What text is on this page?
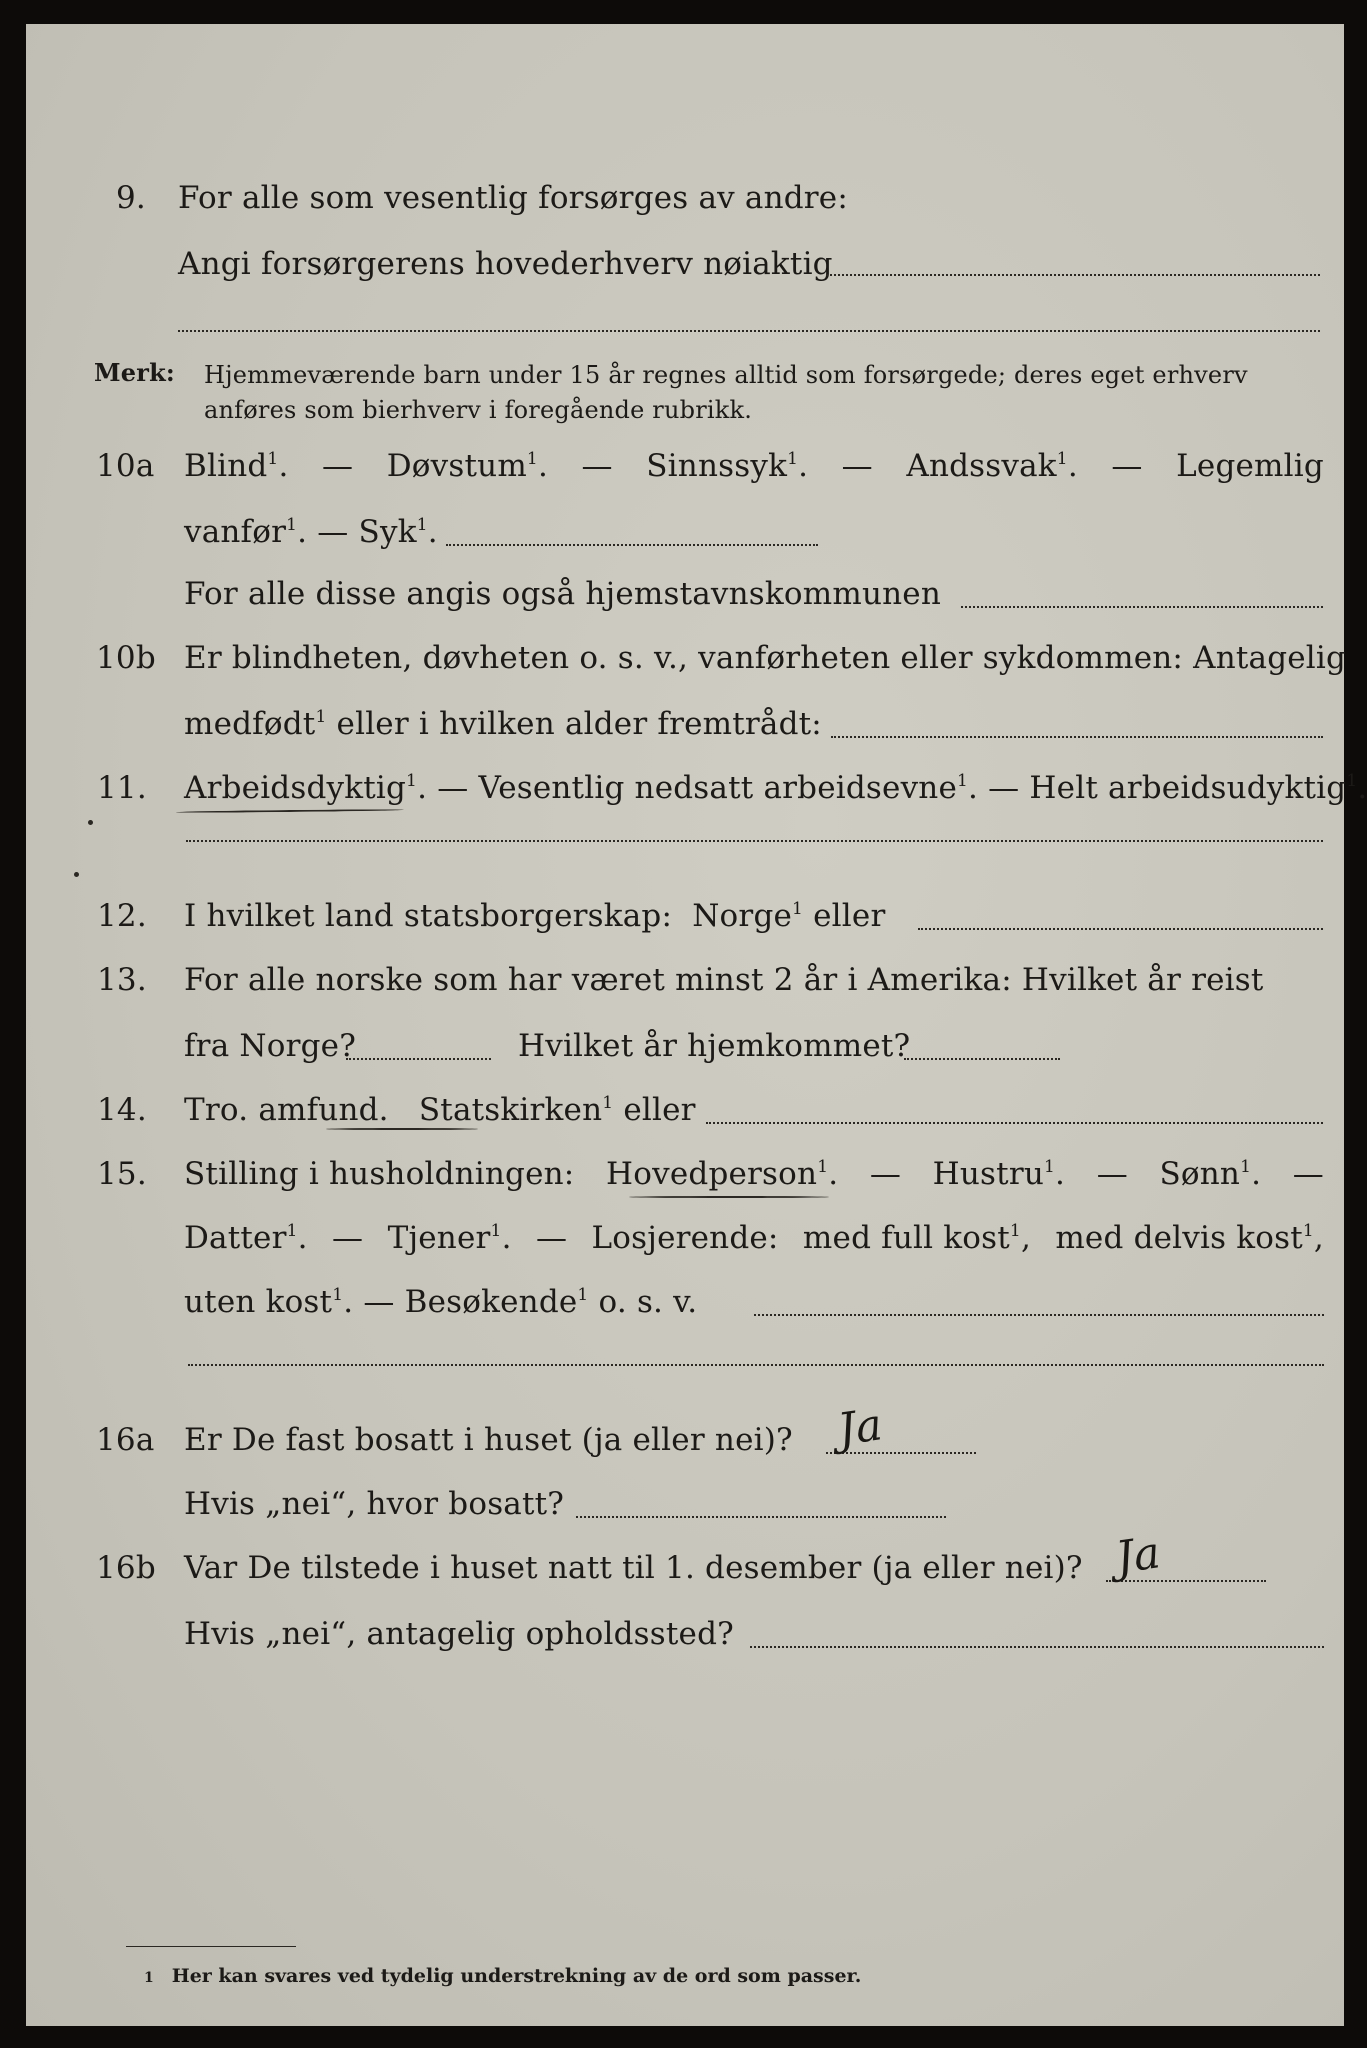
9.	For alle som vesentlig forsørges av andre:
Angi forsørgerens hovederhverv nøiaktig
Merk: Hjemmeværende barn under 15 år regnes alltid som forsørgede; deres eget erhverv anføres som bierhverv i foregående rubrikk.
10a Blind$^1$. — Døvstum$^1$. — Sinnssyk$^1$. — Andssvak$^1$. — Legemlig
vanfør$^1$. — Syk$^1$.
For alle disse angis også hjemstavnskommunen
10b Er blindheten, døvheten o. s. v., vanførheten eller sykdommen: Antagelig
medfødt$^1$ eller i hvilken alder fremtrådt:
11.	Arbeidsdyktig$^1$. — Vesentlig nedsatt arbeidsevne$^1$. — Helt arbeidsudyktig$^1$.
12.	I hvilket land statsborgerskap: Norge$^1$ eller
13.	For alle norske som har været minst 2 år i Amerika: Hvilket år reist
fra Norge?	Hvilket år hjemkommet?
14.	Tro. amfund. Statskirken$^1$ eller
15.	Stilling i husholdningen: Hovedperson$^1$. — Hustru$^1$. — Sønn$^1$. —
Datter$^1$. — Tjener$^1$. — Losjerende: med full kost$^1$, med delvis kost$^1$,
uten kost$^1$. — Besøkende$^1$ o. s. v.
16a Er De fast bosatt i huset (ja eller nei)? Ja
Hvis „nei“, hvor bosatt?
16b Var De tilstede i huset natt til 1. desember (ja eller nei)? Ja
Hvis „nei“, antagelig opholdssted?
1 Her kan svares ved tydelig understrekning av de ord som passer.
